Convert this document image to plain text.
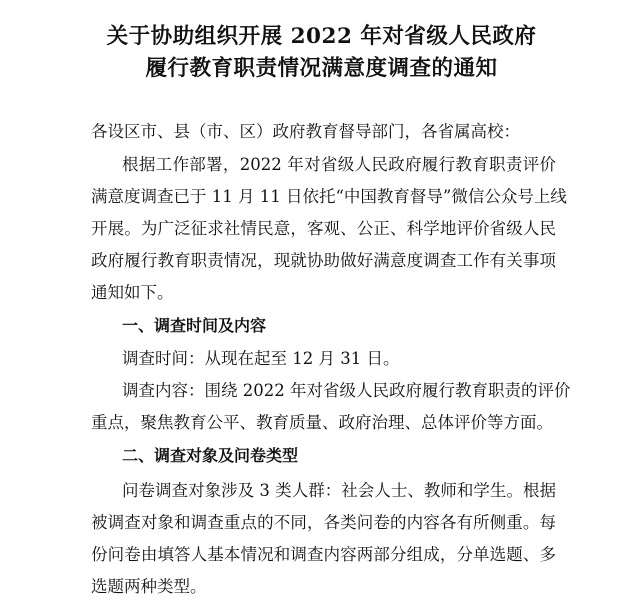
关于协助组织开展 2022 年对省级人民政府
履行教育职责情况满意度调查的通知

各设区市、县（市、区）政府教育督导部门，各省属高校：

根据工作部署，2022 年对省级人民政府履行教育职责评价

满意度调查已于 11 月 11 日依托“中国教育督导”微信公众号上线

开展。为广泛征求社情民意，客观、公正、科学地评价省级人民

政府履行教育职责情况，现就协助做好满意度调查工作有关事项

通知如下。

一、调查时间及内容

调查时间：从现在起至 12 月 31 日。

调查内容：围绕 2022 年对省级人民政府履行教育职责的评价

重点，聚焦教育公平、教育质量、政府治理、总体评价等方面。

二、调查对象及问卷类型

问卷调查对象涉及 3 类人群：社会人士、教师和学生。根据

被调查对象和调查重点的不同，各类问卷的内容各有所侧重。每

份问卷由填答人基本情况和调查内容两部分组成，分单选题、多

选题两种类型。
